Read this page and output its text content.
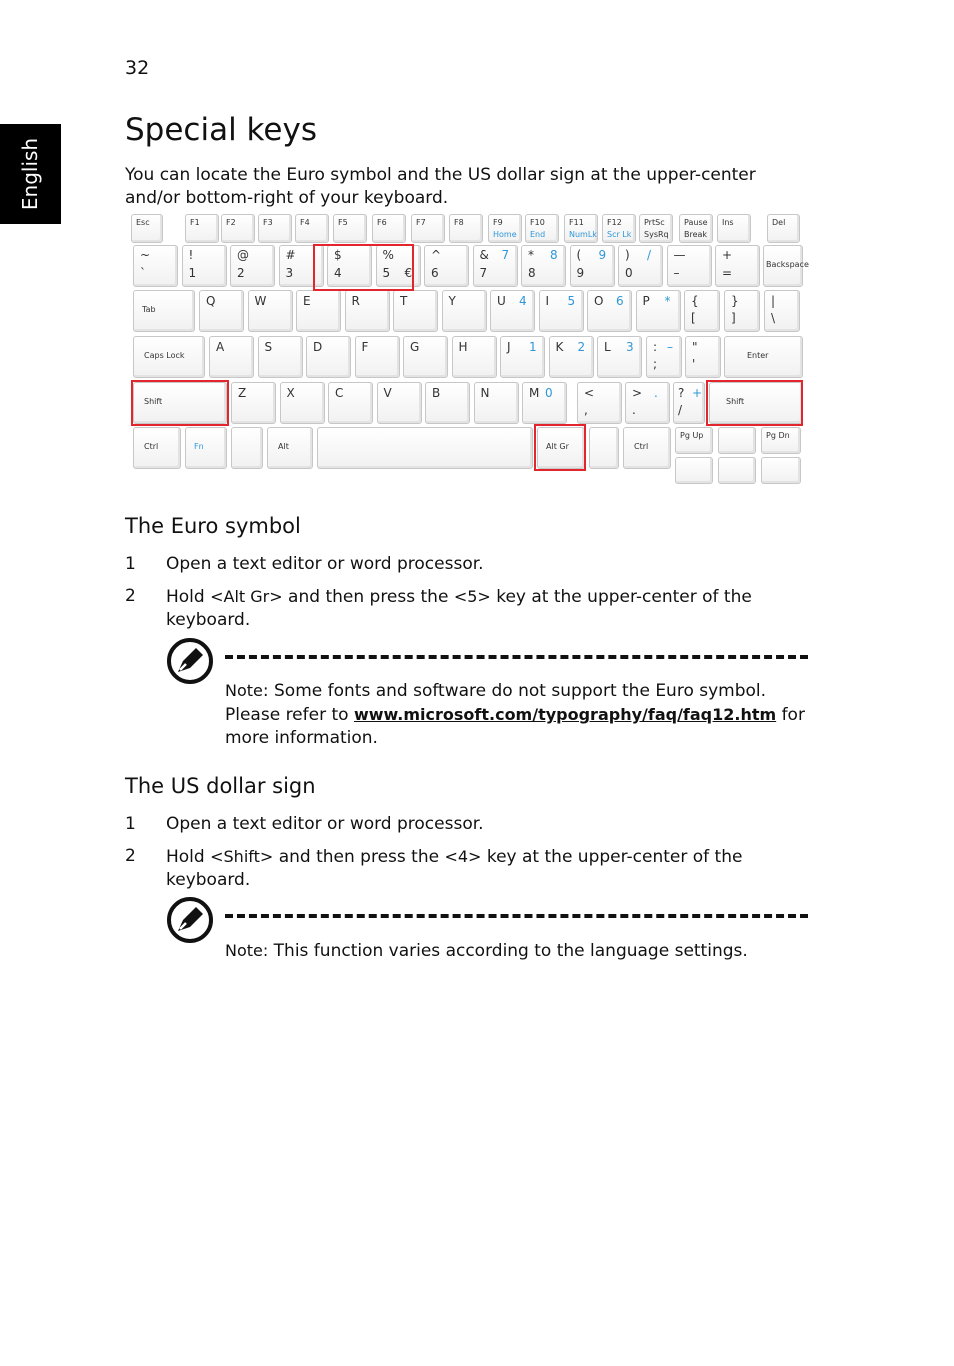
32
English
Special keys

You can locate the Euro symbol and the US dollar sign at the upper-center and/or bottom-right of your keyboard.

Esc	F1	F2	F3	F4	F5	F6	F7	F8	F9
Home
F10
End
F11
NumLk
F12
Scr Lk
PrtSc
SysRq
Pause
Break
Ins	Del
~
`
!
1
@
2
#
3
$
4
%
5 €
^
6
&
7
7 *
8
8 (
9
9 )
0
/ —
–
+
=
Backspace
Tab
Q	W	E	R	T	Y	U 4 I 5 O 6 P * {
[
}
]
|
\
Caps Lock
A	S	D	F	G	H	J 1 K 2 L 3 :
;
– "
'
Enter
Shift
Z	X	C	V	B	N	M 0	<
,
>
.
. ?
/
+
Shift
Ctrl	Fn	Alt	Alt Gr	Ctrl
Pg Up	Pg Dn
The Euro symbol
1 Open a text editor or word processor.
2 Hold <Alt Gr> and then press the <5> key at the upper-center of the keyboard.

Note: Some fonts and software do not support the Euro symbol. Please refer to www.microsoft.com/typography/faq/faq12.htm for more information.

The US dollar sign
1 Open a text editor or word processor.
2 Hold <Shift> and then press the <4> key at the upper-center of the keyboard.

Note: This function varies according to the language settings.
